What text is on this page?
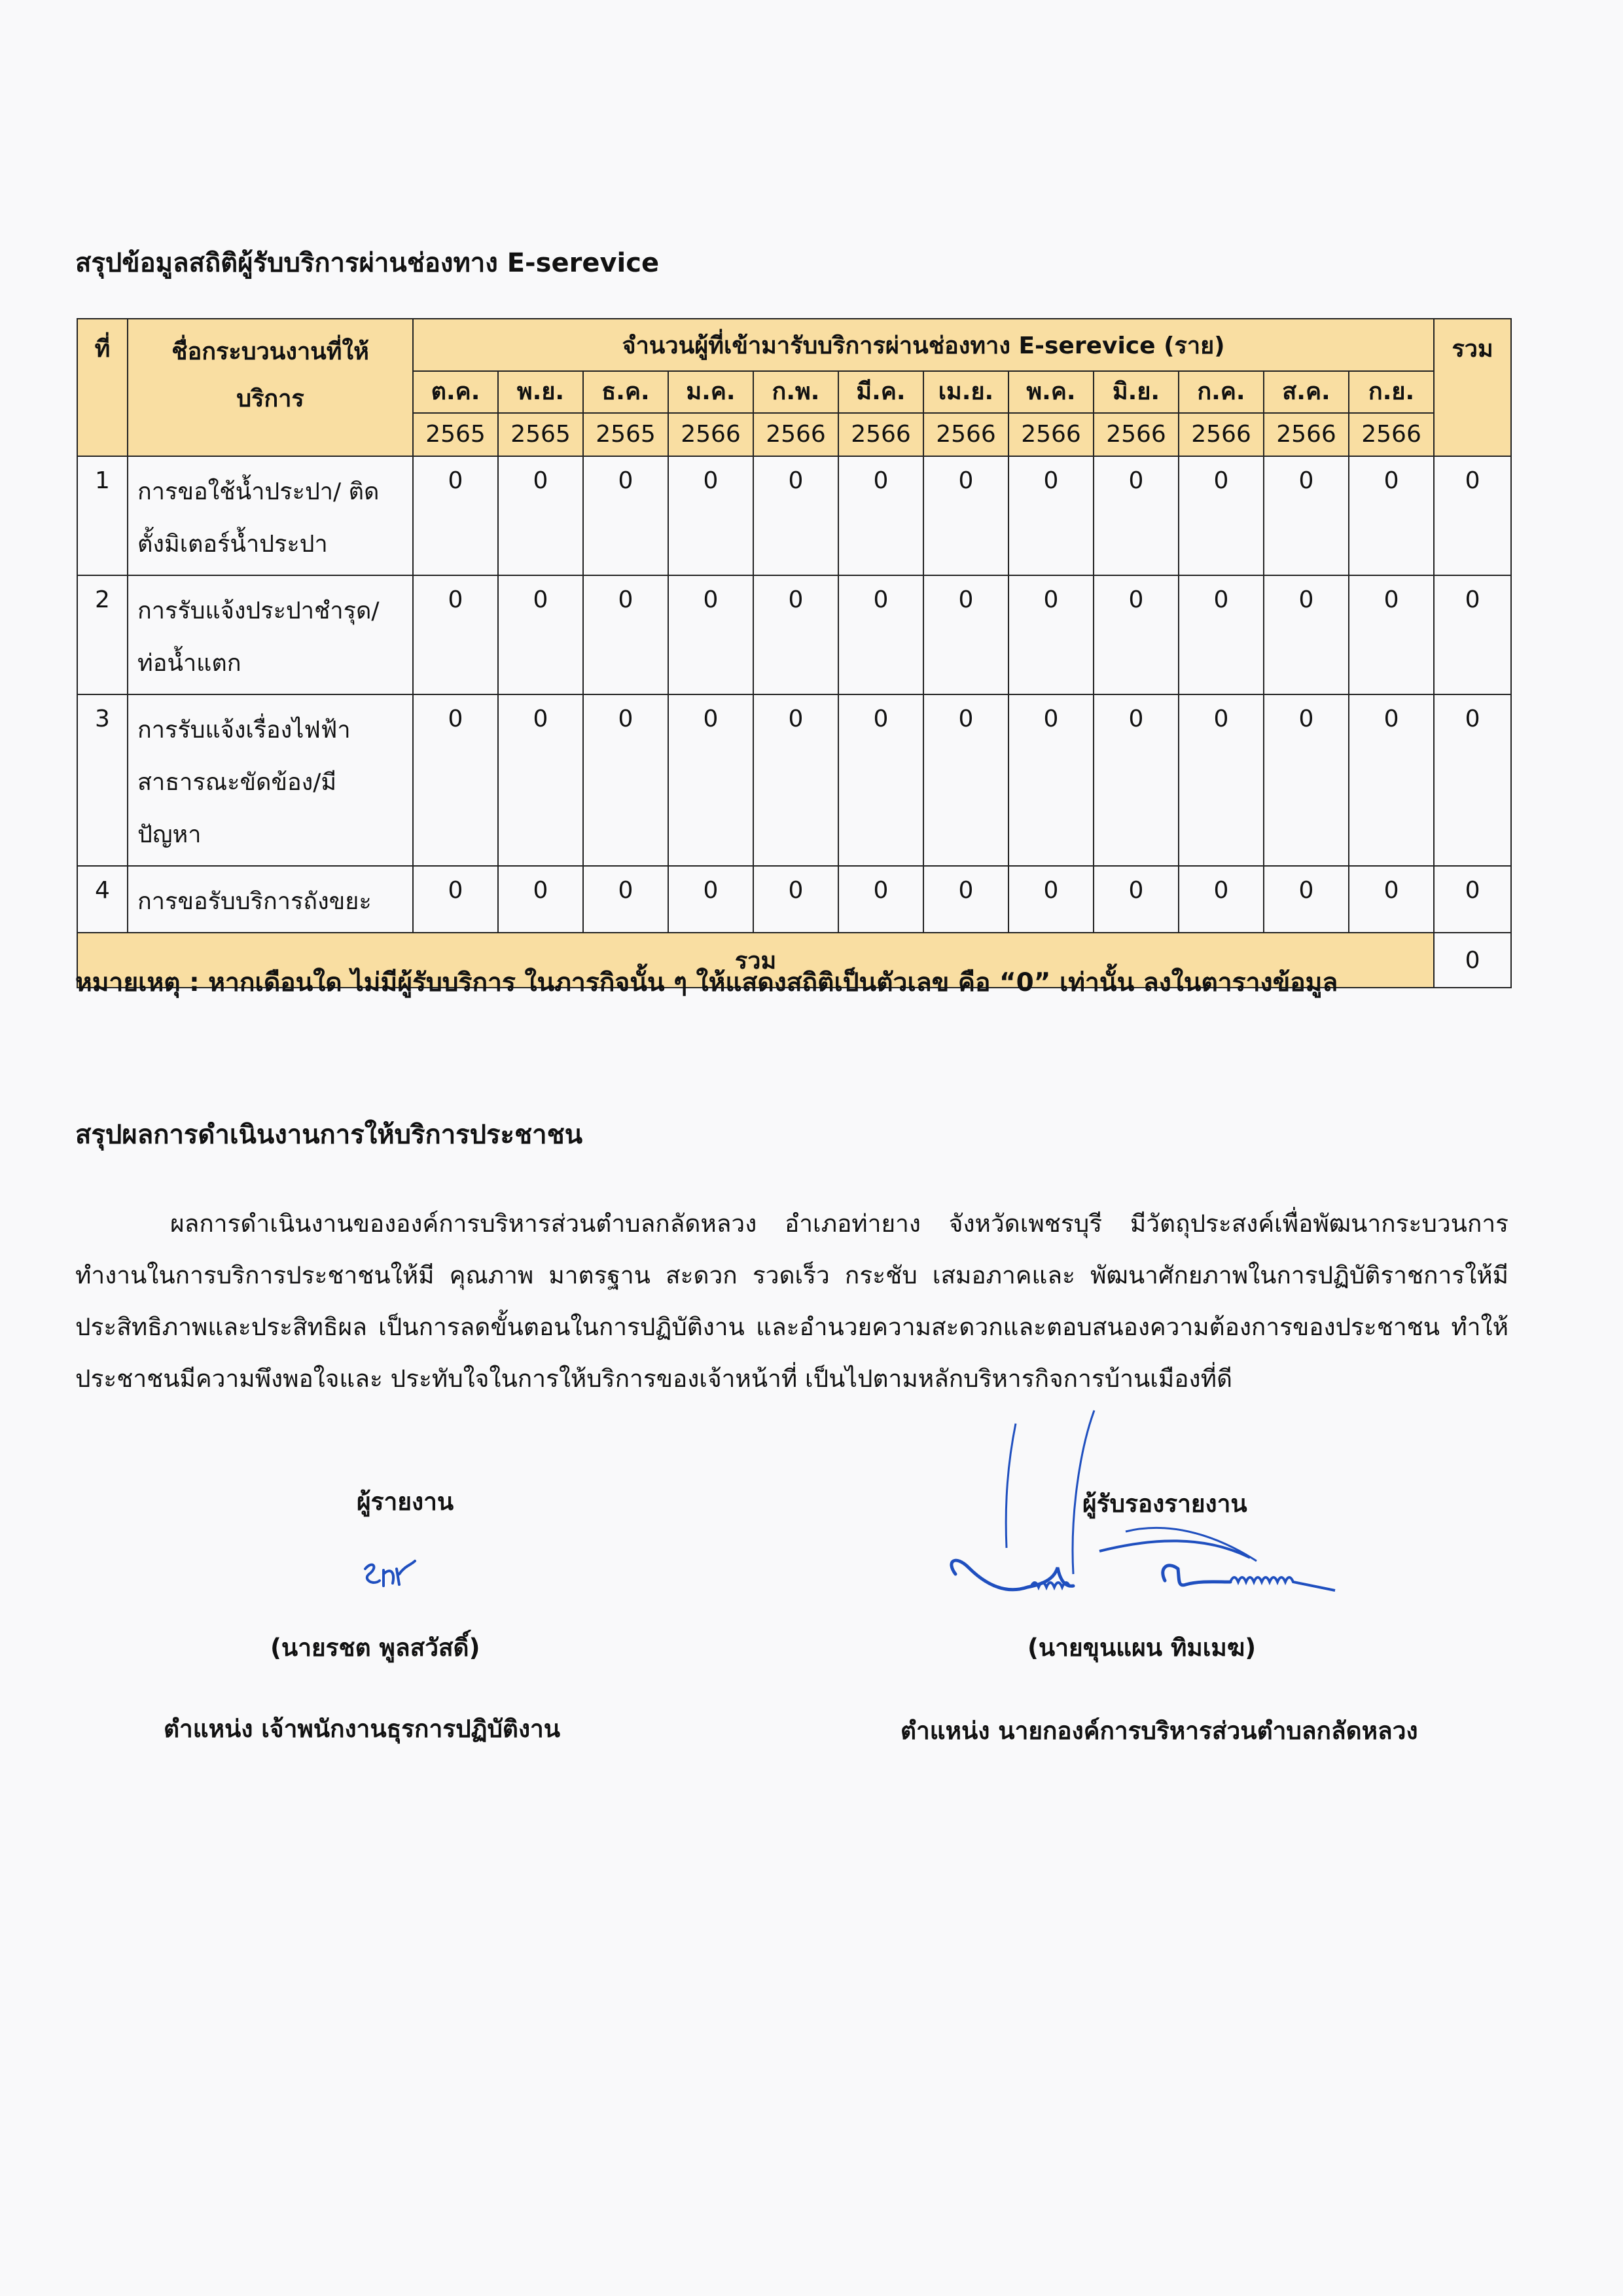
สรุปข้อมูลสถิติผู้รับบริการผ่านช่องทาง E-serevice
ที่	ชื่อกระบวนงานที่ให้บริการ	จำนวนผู้ที่เข้ามารับบริการผ่านช่องทาง E-serevice (ราย)												รวม
		ต.ค.	พ.ย.	ธ.ค.	ม.ค.	ก.พ.	มี.ค.	เม.ย.	พ.ค.	มิ.ย.	ก.ค.	ส.ค.	ก.ย.	
		2565	2565	2565	2566	2566	2566	2566	2566	2566	2566	2566	2566	
1	การขอใช้น้ำประปา/ ติดตั้งมิเตอร์น้ำประปา	0	0	0	0	0	0	0	0	0	0	0	0	0
2	การรับแจ้งประปาชำรุด/ ท่อน้ำแตก	0	0	0	0	0	0	0	0	0	0	0	0	0
3	การรับแจ้งเรื่องไฟฟ้า สาธารณะขัดข้อง/มี ปัญหา	0	0	0	0	0	0	0	0	0	0	0	0	0
4	การขอรับบริการถังขยะ	0	0	0	0	0	0	0	0	0	0	0	0	0
รวม														0
หมายเหตุ : หากเดือนใด ไม่มีผู้รับบริการ ในภารกิจนั้น ๆ ให้แสดงสถิติเป็นตัวเลข คือ “0” เท่านั้น ลงในตารางข้อมูล
สรุปผลการดำเนินงานการให้บริการประชาชน
ผลการดำเนินงานขององค์การบริหารส่วนตำบลกลัดหลวง อำเภอท่ายาง จังหวัดเพชรบุรี มีวัตถุประสงค์เพื่อพัฒนากระบวนการทำงานในการบริการประชาชนให้มี คุณภาพ มาตรฐาน สะดวก รวดเร็ว กระชับ เสมอภาคและ พัฒนาศักยภาพในการปฏิบัติราชการให้มี ประสิทธิภาพและประสิทธิผล เป็นการลดขั้นตอนในการปฏิบัติงาน และอำนวยความสะดวกและตอบสนองความต้องการของประชาชน ทำให้ประชาชนมีความพึงพอใจและ ประทับใจในการให้บริการของเจ้าหน้าที่ เป็นไปตามหลักบริหารกิจการบ้านเมืองที่ดี
ผู้รายงาน
(นายรชต พูลสวัสดิ์)
ตำแหน่ง เจ้าพนักงานธุรการปฏิบัติงาน
ผู้รับรองรายงาน
(นายขุนแผน ทิมเมฆ)
ตำแหน่ง นายกองค์การบริหารส่วนตำบลกลัดหลวง
